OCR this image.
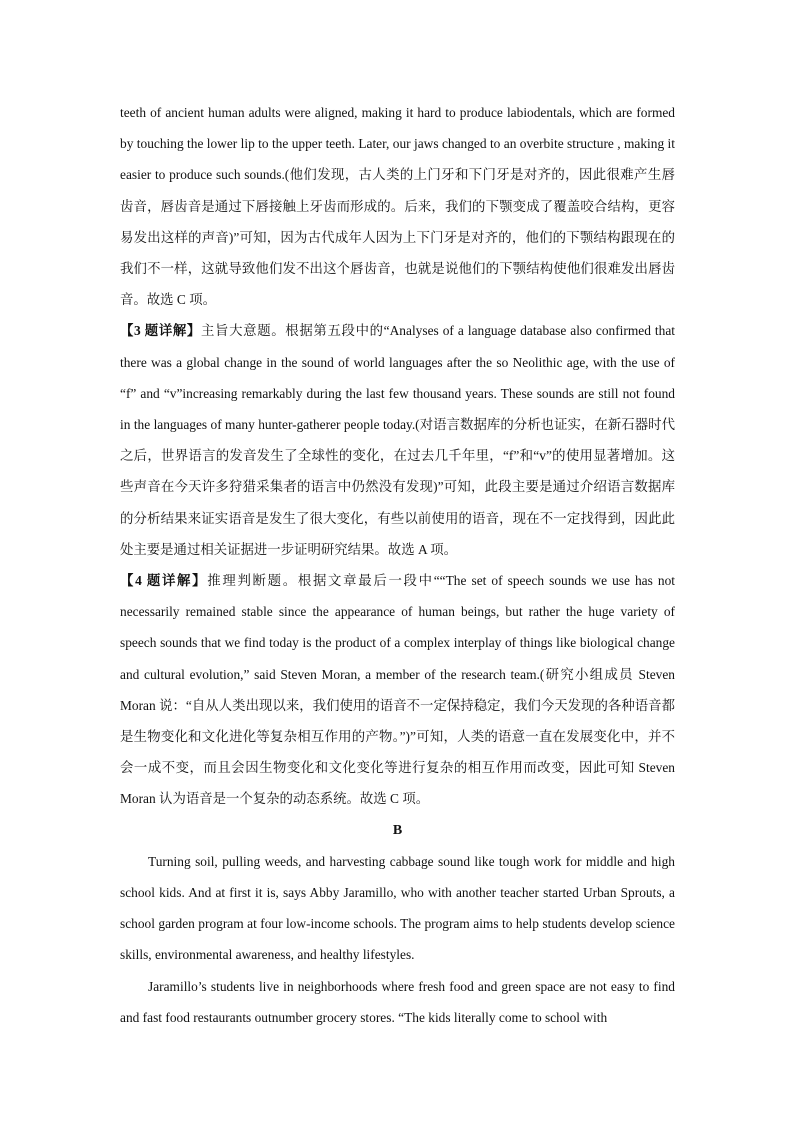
teeth of ancient human adults were aligned, making it hard to produce labiodentals, which are formed by touching the lower lip to the upper teeth. Later, our jaws changed to an overbite structure , making it easier to produce such sounds.(他们发现，古人类的上门牙和下门牙是对齐的，因此很难产生唇齿音，唇齿音是通过下唇接触上牙齿而形成的。后来，我们的下颚变成了覆盖咬合结构，更容易发出这样的声音)”可知，因为古代成年人因为上下门牙是对齐的，他们的下颚结构跟现在的我们不一样，这就导致他们发不出这个唇齿音，也就是说他们的下颚结构使他们很难发出唇齿音。故选 C 项。

【3 题详解】主旨大意题。根据第五段中的“Analyses of a language database also confirmed that there was a global change in the sound of world languages after the so Neolithic age, with the use of “f” and “v”increasing remarkably during the last few thousand years. These sounds are still not found in the languages of many hunter-gatherer people today.(对语言数据库的分析也证实，在新石器时代之后，世界语言的发音发生了全球性的变化，在过去几千年里，“f”和“v”的使用显著增加。这些声音在今天许多狩猎采集者的语言中仍然没有发现)”可知，此段主要是通过介绍语言数据库的分析结果来证实语音是发生了很大变化，有些以前使用的语音，现在不一定找得到，因此此处主要是通过相关证据进一步证明研究结果。故选 A 项。

【4 题详解】推理判断题。根据文章最后一段中““The set of speech sounds we use has not necessarily remained stable since the appearance of human beings, but rather the huge variety of speech sounds that we find today is the product of a complex interplay of things like biological change and cultural evolution,” said Steven Moran, a member of the research team.(研究小组成员 Steven Moran 说：“自从人类出现以来，我们使用的语音不一定保持稳定，我们今天发现的各种语音都是生物变化和文化进化等复杂相互作用的产物。”)”可知，人类的语意一直在发展变化中，并不会一成不变，而且会因生物变化和文化变化等进行复杂的相互作用而改变，因此可知 Steven Moran 认为语音是一个复杂的动态系统。故选 C 项。

B

Turning soil, pulling weeds, and harvesting cabbage sound like tough work for middle and high school kids. And at first it is, says Abby Jaramillo, who with another teacher started Urban Sprouts, a school garden program at four low-income schools. The program aims to help students develop science skills, environmental awareness, and healthy lifestyles.

Jaramillo’s students live in neighborhoods where fresh food and green space are not easy to find and fast food restaurants outnumber grocery stores. “The kids literally come to school with
